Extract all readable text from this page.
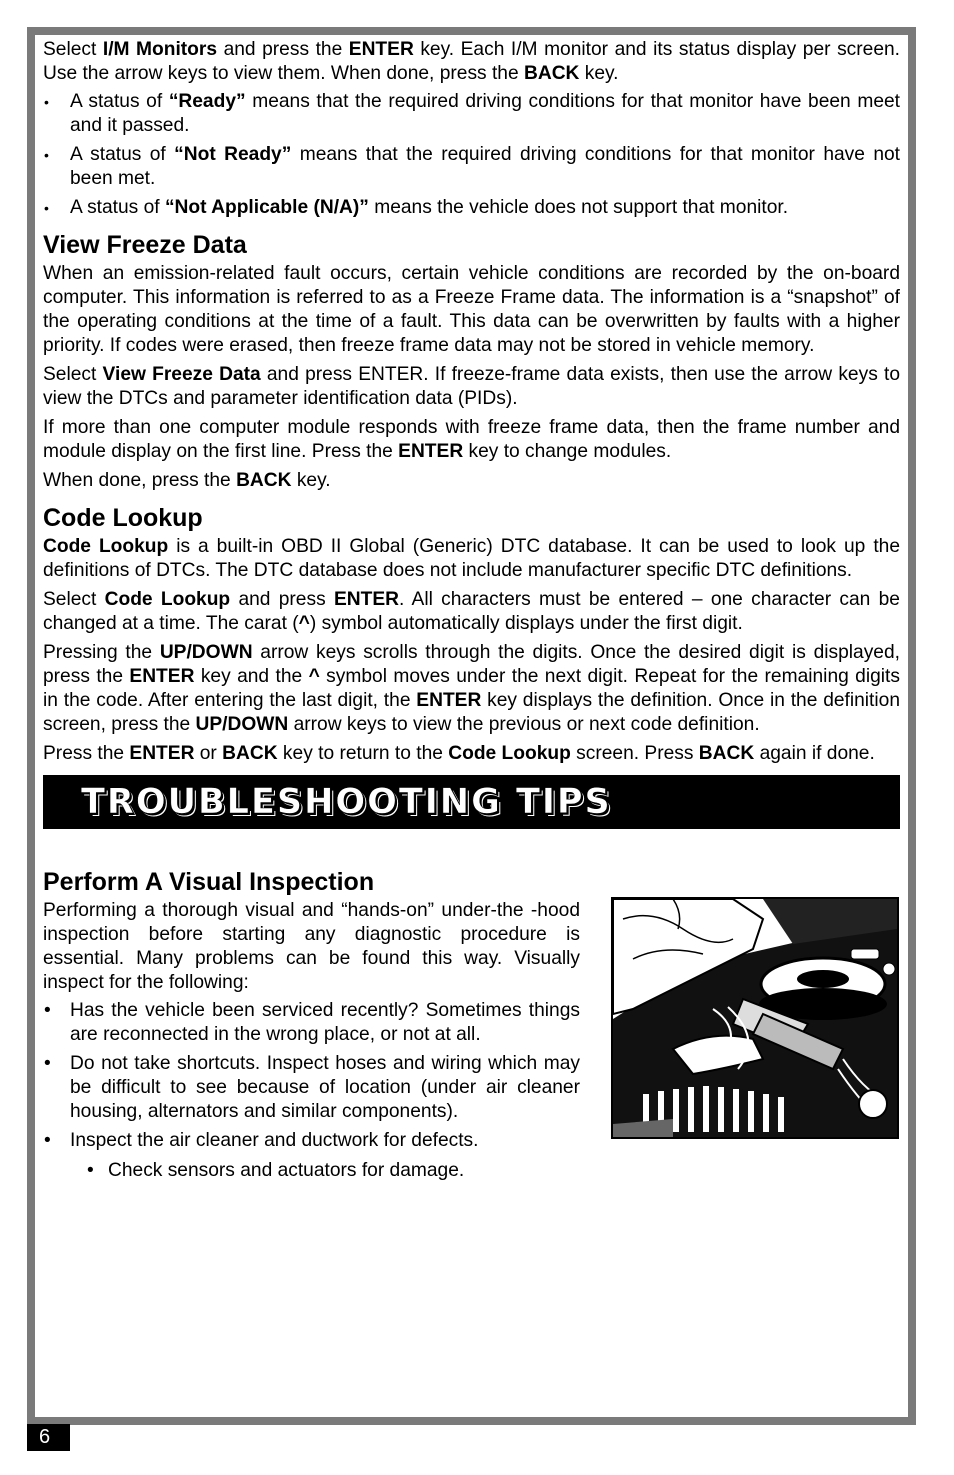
Select I/M Monitors and press the ENTER key. Each I/M monitor and its status display per screen. Use the arrow keys to view them. When done, press the BACK key.

• A status of “Ready” means that the required driving conditions for that monitor have been meet and it passed.
• A status of “Not Ready” means that the required driving conditions for that monitor have not been met.
• A status of “Not Applicable (N/A)” means the vehicle does not support that monitor.
View Freeze Data

When an emission-related fault occurs, certain vehicle conditions are recorded by the on-board computer. This information is referred to as a Freeze Frame data. The information is a “snapshot” of the operating conditions at the time of a fault. This data can be overwritten by faults with a higher priority. If codes were erased, then freeze frame data may not be stored in vehicle memory.

Select View Freeze Data and press ENTER. If freeze-frame data exists, then use the arrow keys to view the DTCs and parameter identification data (PIDs).

If more than one computer module responds with freeze frame data, then the frame number and module display on the first line. Press the ENTER key to change modules.

When done, press the BACK key.

Code Lookup

Code Lookup is a built-in OBD II Global (Generic) DTC database. It can be used to look up the definitions of DTCs. The DTC database does not include manufacturer specific DTC definitions.

Select Code Lookup and press ENTER. All characters must be entered – one character can be changed at a time. The carat (^) symbol automatically displays under the first digit.

Pressing the UP/DOWN arrow keys scrolls through the digits. Once the desired digit is displayed, press the ENTER key and the ^ symbol moves under the next digit. Repeat for the remaining digits in the code. After entering the last digit, the ENTER key displays the definition. Once in the definition screen, press the UP/DOWN arrow keys to view the previous or next code definition.

Press the ENTER or BACK key to return to the Code Lookup screen. Press BACK again if done.

TROUBLESHOOTING TIPS
Perform A Visual Inspection

Performing a thorough visual and “hands-on” under-the -hood inspection before starting any diagnostic procedure is essential. Many problems can be found this way. Visually inspect for the following:

• Has the vehicle been serviced recently? Sometimes things are reconnected in the wrong place, or not at all.
• Do not take shortcuts. Inspect hoses and wiring which may be difficult to see because of location (under air cleaner housing, alternators and similar components).
• Inspect the air cleaner and ductwork for defects.
• Check sensors and actuators for damage.
6
